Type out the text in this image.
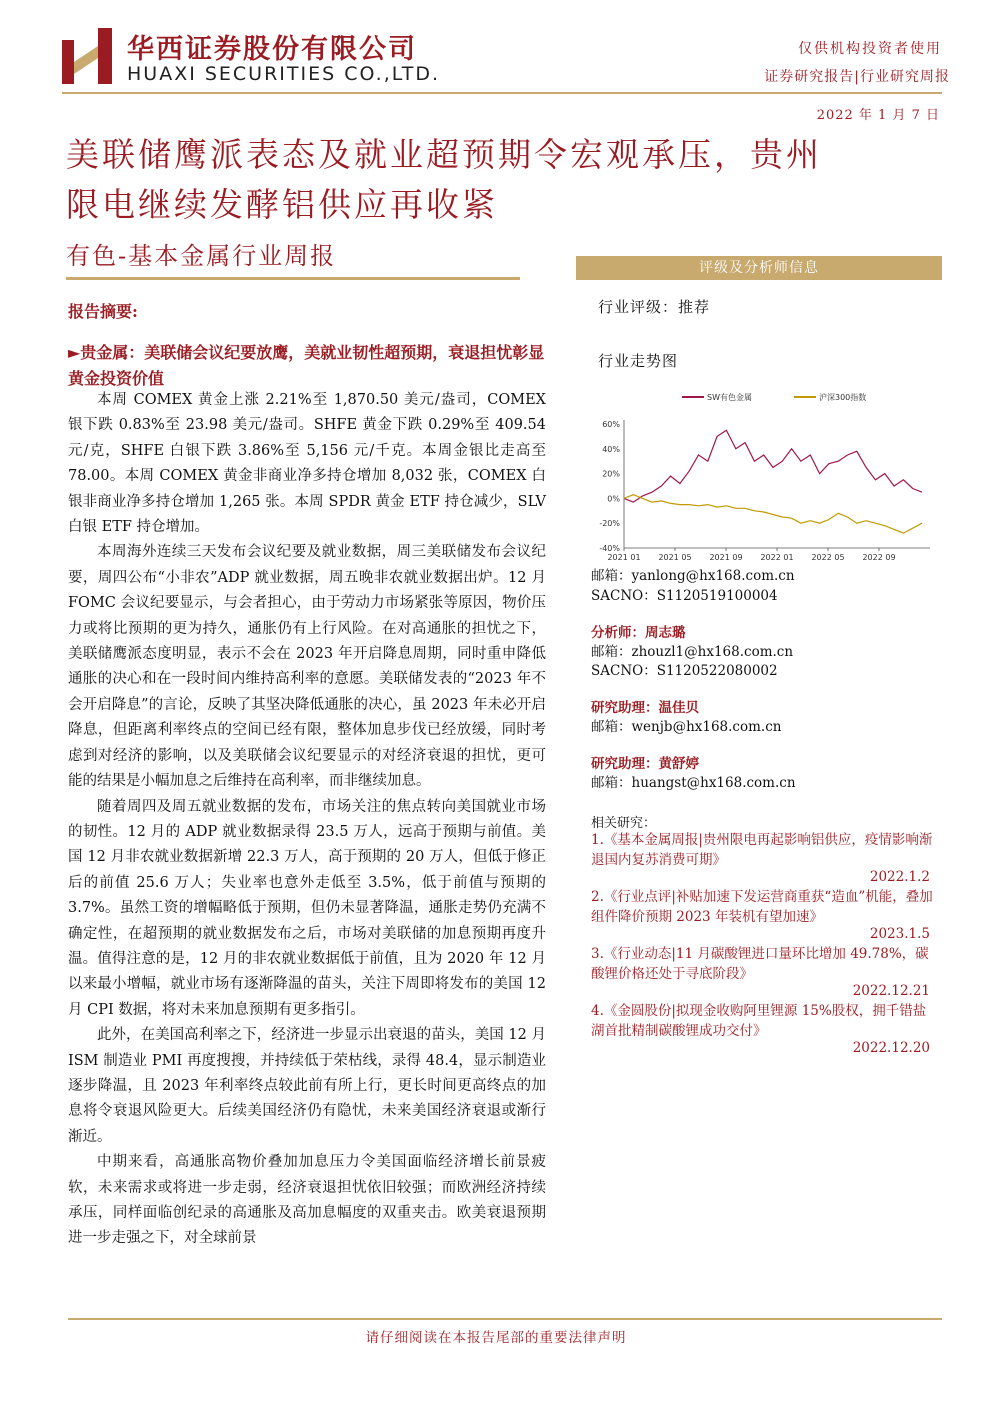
华西证券股份有限公司
HUAXI SECURITIES CO.,LTD.
仅供机构投资者使用
证券研究报告|行业研究周报
2022 年 1 月 7 日
美联储鹰派表态及就业超预期令宏观承压，贵州
限电继续发酵铝供应再收紧
有色-基本金属行业周报
报告摘要:
►贵金属：美联储会议纪要放鹰，美就业韧性超预期，衰退担忧彰显黄金投资价值

本周 COMEX 黄金上涨 2.21%至 1,870.50 美元/盎司，COMEX 银下跌 0.83%至 23.98 美元/盎司。SHFE 黄金下跌 0.29%至 409.54 元/克，SHFE 白银下跌 3.86%至 5,156 元/千克。本周金银比走高至 78.00。本周 COMEX 黄金非商业净多持仓增加 8,032 张，COMEX 白银非商业净多持仓增加 1,265 张。本周 SPDR 黄金 ETF 持仓减少，SLV 白银 ETF 持仓增加。

本周海外连续三天发布会议纪要及就业数据，周三美联储发布会议纪要，周四公布“小非农”ADP 就业数据，周五晚非农就业数据出炉。12 月 FOMC 会议纪要显示，与会者担心，由于劳动力市场紧张等原因，物价压力或将比预期的更为持久，通胀仍有上行风险。在对高通胀的担忧之下，美联储鹰派态度明显，表示不会在 2023 年开启降息周期，同时重申降低通胀的决心和在一段时间内维持高利率的意愿。美联储发表的“2023 年不会开启降息”的言论，反映了其坚决降低通胀的决心，虽 2023 年未必开启降息，但距离利率终点的空间已经有限，整体加息步伐已经放缓，同时考虑到对经济的影响，以及美联储会议纪要显示的对经济衰退的担忧，更可能的结果是小幅加息之后维持在高利率，而非继续加息。

随着周四及周五就业数据的发布，市场关注的焦点转向美国就业市场的韧性。12 月的 ADP 就业数据录得 23.5 万人，远高于预期与前值。美国 12 月非农就业数据新增 22.3 万人，高于预期的 20 万人，但低于修正后的前值 25.6 万人；失业率也意外走低至 3.5%，低于前值与预期的 3.7%。虽然工资的增幅略低于预期，但仍未显著降温，通胀走势仍充满不确定性，在超预期的就业数据发布之后，市场对美联储的加息预期再度升温。值得注意的是，12 月的非农就业数据低于前值，且为 2020 年 12 月以来最小增幅，就业市场有逐渐降温的苗头，关注下周即将发布的美国 12 月 CPI 数据，将对未来加息预期有更多指引。

此外，在美国高利率之下，经济进一步显示出衰退的苗头，美国 12 月 ISM 制造业 PMI 再度搜搜，并持续低于荣枯线，录得 48.4，显示制造业逐步降温，且 2023 年利率终点较此前有所上行，更长时间更高终点的加息将令衰退风险更大。后续美国经济仍有隐忧，未来美国经济衰退或渐行渐近。

中期来看，高通胀高物价叠加加息压力令美国面临经济增长前景疲软，未来需求或将进一步走弱，经济衰退担忧依旧较强；而欧洲经济持续承压，同样面临创纪录的高通胀及高加息幅度的双重夹击。欧美衰退预期进一步走强之下，对全球前景

评级及分析师信息
行业评级：推荐
行业走势图
SW有色金属	沪深300指数
60%
40%
20%
0%
-20%
-40%
2021 01 2021 05 2021 09 2022 01 2022 05 2022 09
邮箱：yanlong@hx168.com.cn
SACNO：S1120519100004
分析师：周志璐
邮箱：zhouzl1@hx168.com.cn
SACNO：S1120522080002
研究助理：温佳贝
邮箱：wenjb@hx168.com.cn
研究助理：黄舒婷
邮箱：huangst@hx168.com.cn
相关研究：
1.《基本金属周报|贵州限电再起影响铝供应，疫情影响渐退国内复苏消费可期》
2022.1.2
2.《行业点评|补贴加速下发运营商重获“造血”机能，叠加组件降价预期 2023 年装机有望加速》
2023.1.5
3.《行业动态|11 月碳酸锂进口量环比增加 49.78%，碳酸锂价格还处于寻底阶段》
2022.12.21
4.《金圆股份|拟现金收购阿里锂源 15%股权，拥千错盐湖首批精制碳酸锂成功交付》
2022.12.20
请仔细阅读在本报告尾部的重要法律声明
